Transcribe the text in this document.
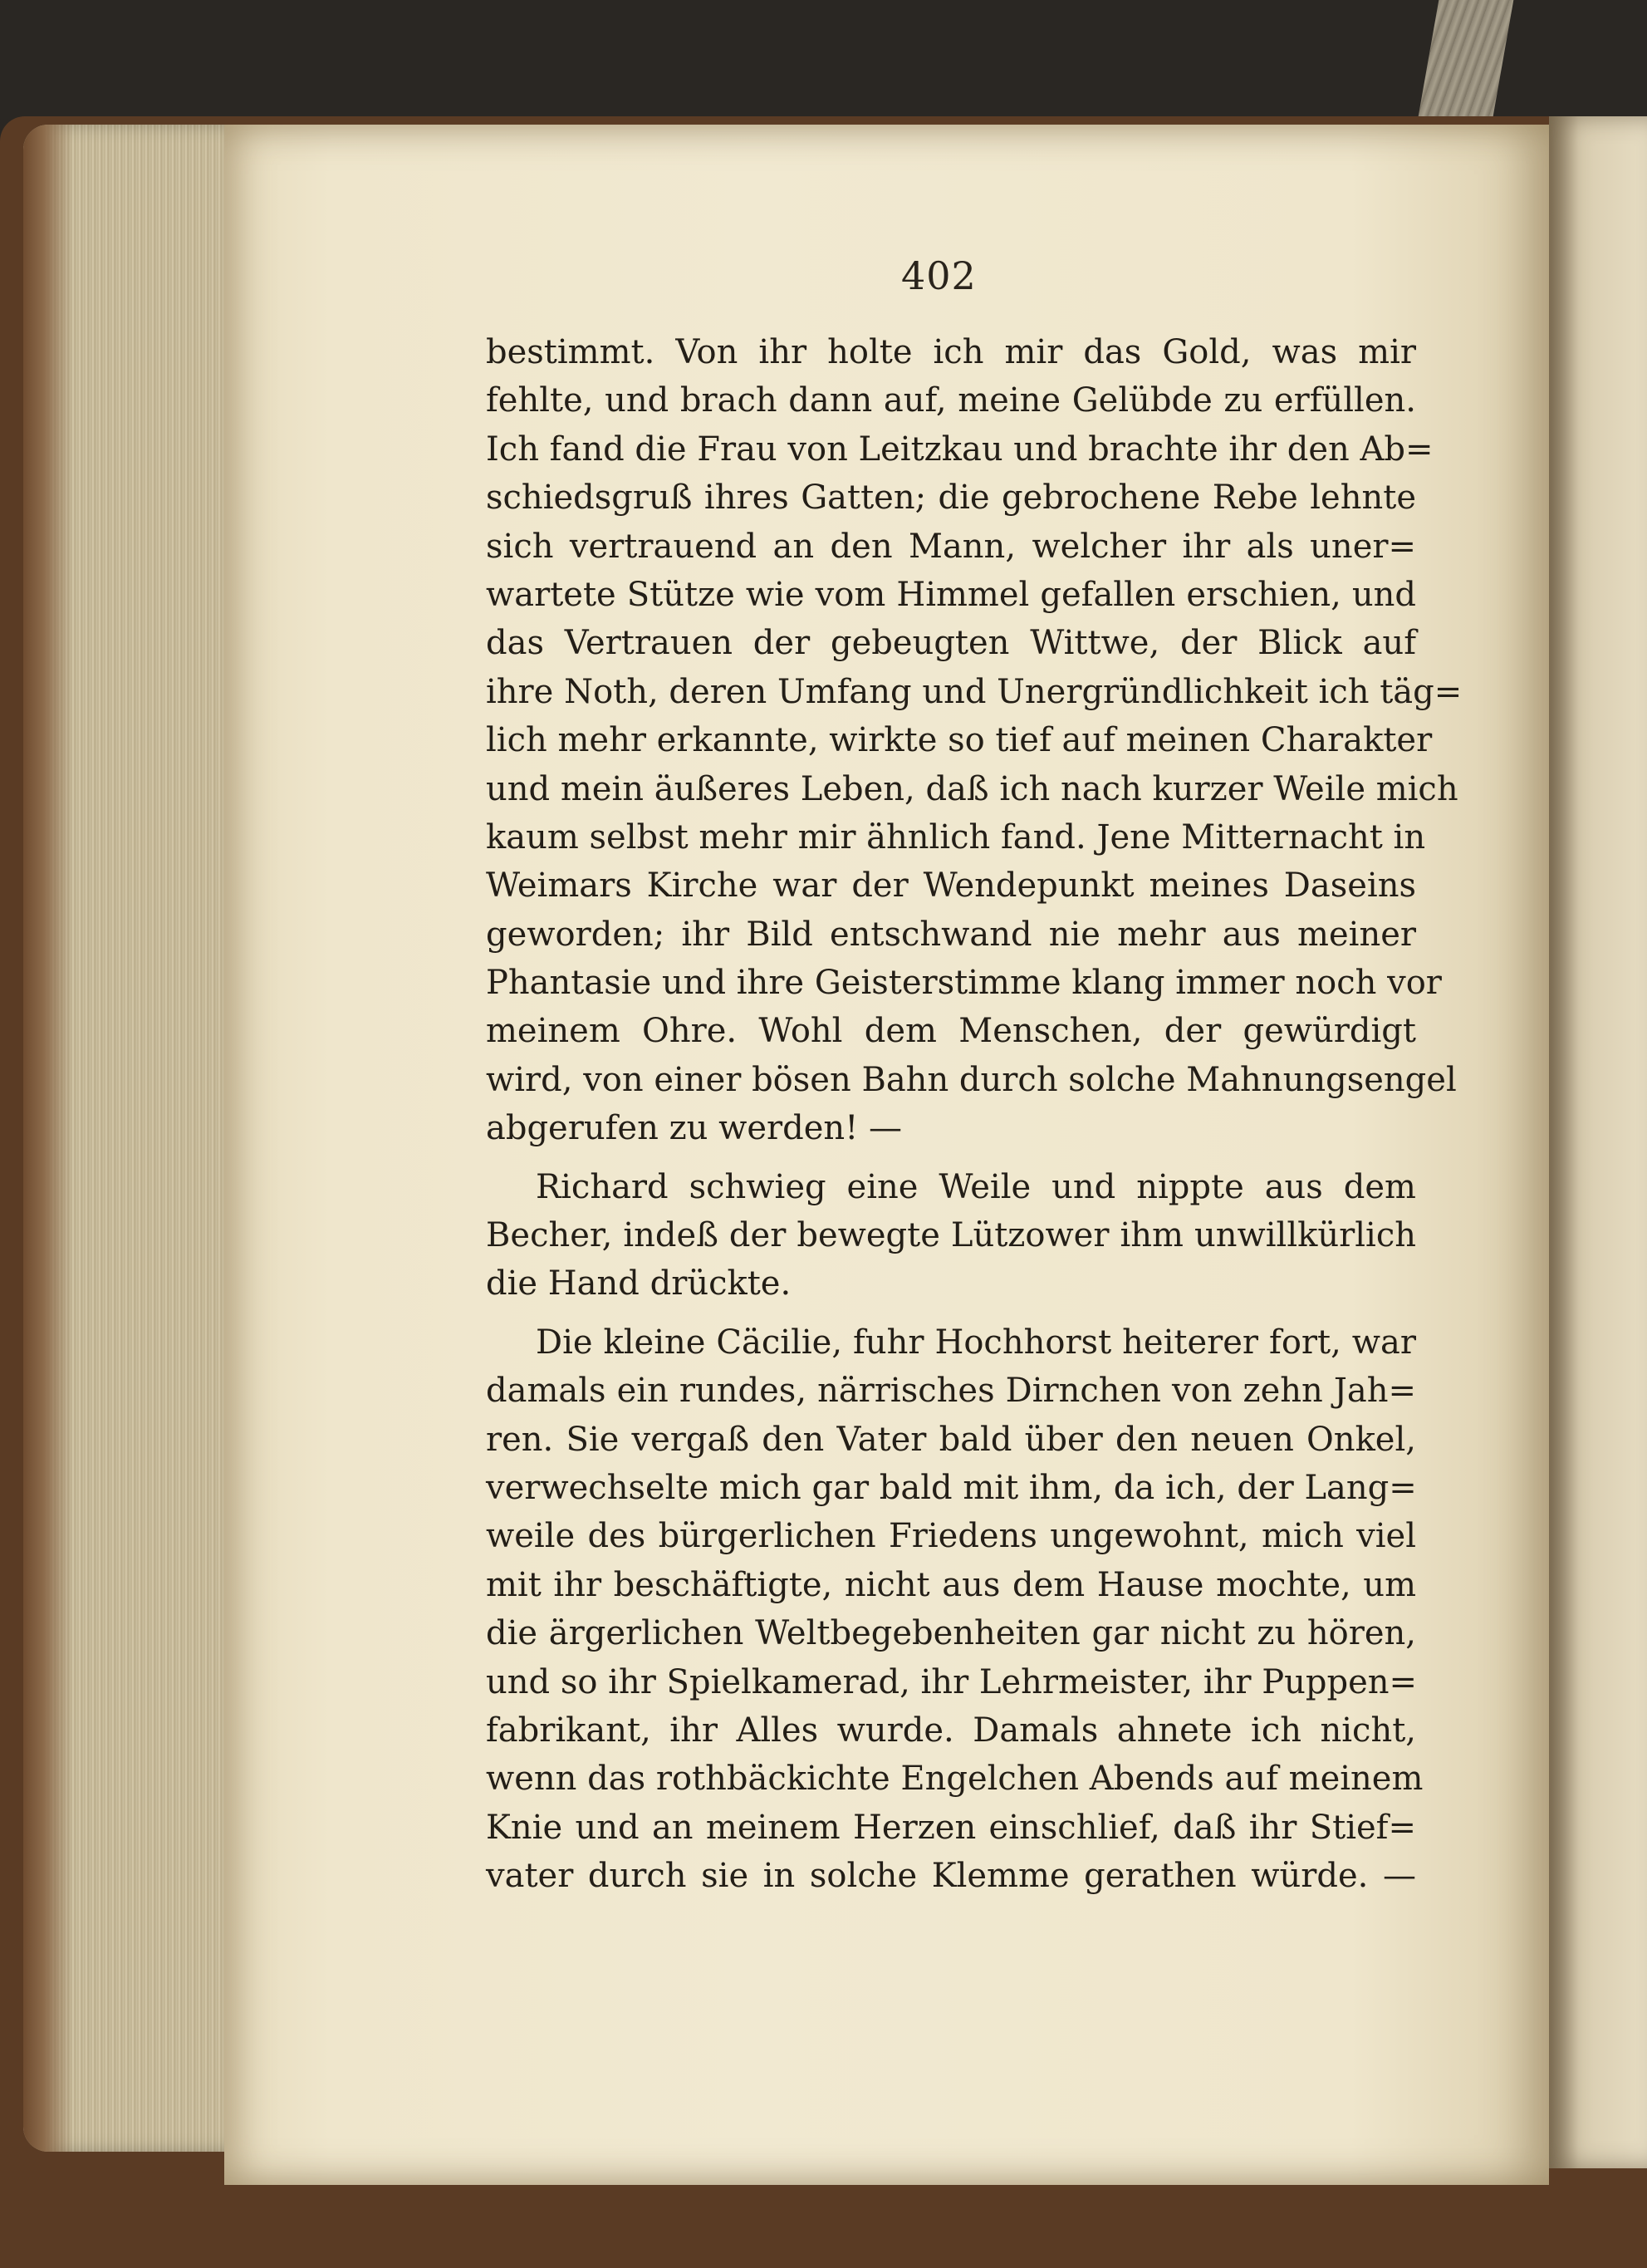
402
bestimmt. Von ihr holte ich mir das Gold, was mir
fehlte, und brach dann auf, meine Gelübde zu erfüllen.
Ich fand die Frau von Leitzkau und brachte ihr den Ab=
schiedsgruß ihres Gatten; die gebrochene Rebe lehnte
sich vertrauend an den Mann, welcher ihr als uner=
wartete Stütze wie vom Himmel gefallen erschien, und
das Vertrauen der gebeugten Wittwe, der Blick auf
ihre Noth, deren Umfang und Unergründlichkeit ich täg=
lich mehr erkannte, wirkte so tief auf meinen Charakter
und mein äußeres Leben, daß ich nach kurzer Weile mich
kaum selbst mehr mir ähnlich fand. Jene Mitternacht in
Weimars Kirche war der Wendepunkt meines Daseins
geworden; ihr Bild entschwand nie mehr aus meiner
Phantasie und ihre Geisterstimme klang immer noch vor
meinem Ohre. Wohl dem Menschen, der gewürdigt
wird, von einer bösen Bahn durch solche Mahnungsengel
abgerufen zu werden! —
Richard schwieg eine Weile und nippte aus dem
Becher, indeß der bewegte Lützower ihm unwillkürlich
die Hand drückte.
Die kleine Cäcilie, fuhr Hochhorst heiterer fort, war
damals ein rundes, närrisches Dirnchen von zehn Jah=
ren. Sie vergaß den Vater bald über den neuen Onkel,
verwechselte mich gar bald mit ihm, da ich, der Lang=
weile des bürgerlichen Friedens ungewohnt, mich viel
mit ihr beschäftigte, nicht aus dem Hause mochte, um
die ärgerlichen Weltbegebenheiten gar nicht zu hören,
und so ihr Spielkamerad, ihr Lehrmeister, ihr Puppen=
fabrikant, ihr Alles wurde. Damals ahnete ich nicht,
wenn das rothbäckichte Engelchen Abends auf meinem
Knie und an meinem Herzen einschlief, daß ihr Stief=
vater durch sie in solche Klemme gerathen würde. —
